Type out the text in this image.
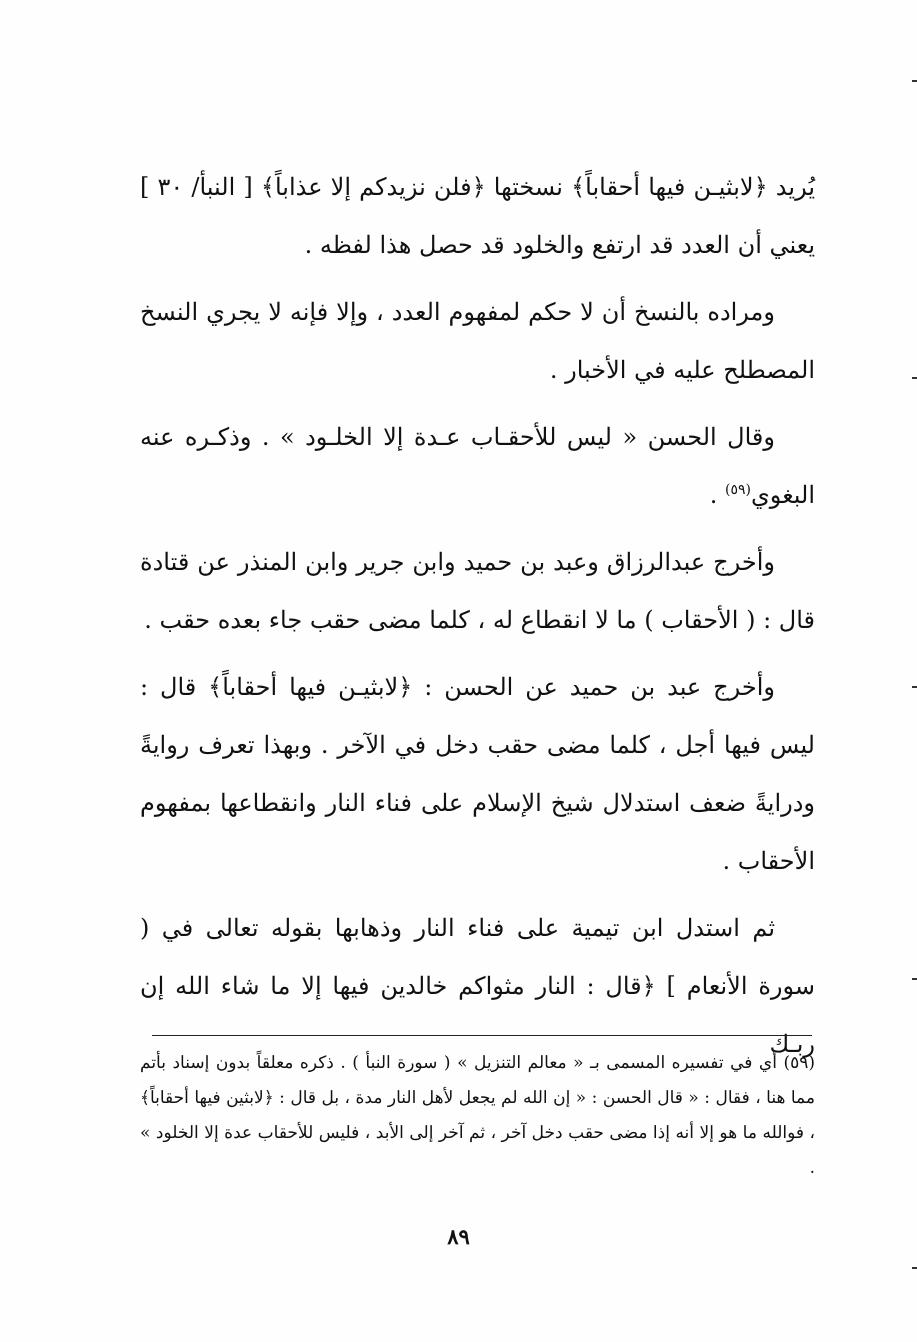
يُريد ﴿لابثيـن فيها أحقاباً﴾ نسختها ﴿فلن نزيدكم إلا عذاباً﴾ [ النبأ/ ٣٠ ] يعني أن العدد قد ارتفع والخلود قد حصل هذا لفظه .

ومراده بالنسخ أن لا حكم لمفهوم العدد ، وإلا فإنه لا يجري النسخ المصطلح عليه في الأخبار .

وقال الحسن « ليس للأحقـاب عـدة إلا الخلـود » . وذكـره عنه البغوي$^{(٥٩)}$ .

وأخرج عبدالرزاق وعبد بن حميد وابن جرير وابن المنذر عن قتادة قال : ( الأحقاب ) ما لا انقطاع له ، كلما مضى حقب جاء بعده حقب .

وأخرج عبد بن حميد عن الحسن : ﴿لابثيـن فيها أحقاباً﴾ قال : ليس فيها أجل ، كلما مضى حقب دخل في الآخر . وبهذا تعرف روايةً ودرايةً ضعف استدلال شيخ الإسلام على فناء النار وانقطاعها بمفهوم الأحقاب .

ثم استدل ابن تيمية على فناء النار وذهابها بقوله تعالى في ( سورة الأنعام ] ﴿قال : النار مثواكم خالدين فيها إلا ما شاء الله إن ربـك

(٥٩) أي في تفسيره المسمى بـ « معالم التنزيل » ( سورة النبأ ) . ذكره معلقاً بدون إسناد بأتم مما هنا ، فقال : « قال الحسن : « إن الله لم يجعل لأهل النار مدة ، بل قال : ﴿لابثين فيها أحقاباً﴾ ، فوالله ما هو إلا أنه إذا مضى حقب دخل آخر ، ثم آخر إلى الأبد ، فليس للأحقاب عدة إلا الخلود » .

٨٩
